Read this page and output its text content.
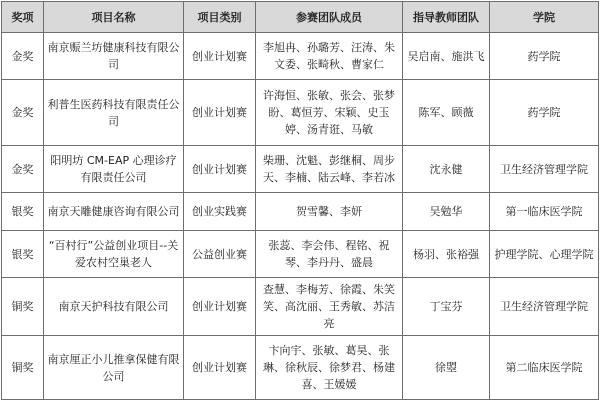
奖项	项目名称	项目类别	参赛团队成员	指导教师团队	学院
金奖	南京赈兰坊健康科技有限公司	创业计划赛	李旭冉、孙璐芳、汪涛、朱文委、张畸秋、曹家仁	吴启南、施洪飞	药学院
金奖	利普生医药科技有限责任公司	创业计划赛	许海恒、张敏、张会、张梦盼、葛恒芳、宋颖、史玉婷、汤青诳、马敏	陈军、顾薇	药学院
金奖	阳明坊 CM-EAP 心理诊疗有限责任公司	创业计划赛	柴珊、沈魁、彭继桐、周步天、李楠、陆云峰、李若冰	沈永健	卫生经济管理学院
银奖	南京天雕健康咨询有限公司	创业实践赛	贺雪馨、李妍	吴勉华	第一临床医学院
银奖	“百村行”公益创业项目--关爱农村空巢老人	公益创业赛	张蕊、李会伟、程铭、祝琴、李丹丹、盛晨	杨羽、张裕强	护理学院、心理学院
铜奖	南京天护科技有限公司	创业计划赛	查慧、李梅芳、徐霞、朱笑笑、高沈丽、王秀敏、苏洁亮	丁宝芬	卫生经济管理学院
铜奖	南京厘正小儿推拿保健有限公司	创业计划赛	卞向宇、张敏、葛昊、张琳、徐秋辰、徐梦君、杨建喜、王媛媛	徐曌	第二临床医学院
